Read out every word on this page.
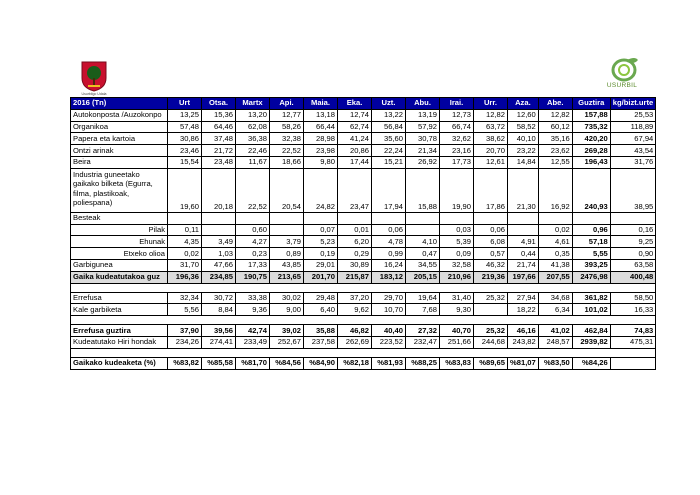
Usurbilgo Udala
USURBIL
2016 (Tn)	Urt	Otsa.	Martx	Api.	Maia.	Eka.	Uzt.	Abu.	Irai.	Urr.	Aza.	Abe.	Guztira	kg/bizt.urte
Autokonposta /Auzokonpo	13,25	15,36	13,20	12,77	13,18	12,74	13,22	13,19	12,73	12,82	12,60	12,82	157,88	25,53
Organikoa	57,48	64,46	62,08	58,26	66,44	62,74	56,84	57,92	66,74	63,72	58,52	60,12	735,32	118,89
Papera eta kartoia	30,86	37,48	36,38	32,38	28,98	41,24	35,60	30,78	32,62	38,62	40,10	35,16	420,20	67,94
Ontzi arinak	23,46	21,72	22,46	22,52	23,98	20,86	22,24	21,34	23,16	20,70	23,22	23,62	269,28	43,54
Beira	15,54	23,48	11,67	18,66	9,80	17,44	15,21	26,92	17,73	12,61	14,84	12,55	196,43	31,76
Industria guneetako gaikako bilketa (Egurra, filma, plastikoak, poliespana)	19,60	20,18	22,52	20,54	24,82	23,47	17,94	15,88	19,90	17,86	21,30	16,92	240,93	38,95
Besteak														
Pilak	0,11		0,60		0,07	0,01	0,06		0,03	0,06		0,02	0,96	0,16
Ehunak	4,35	3,49	4,27	3,79	5,23	6,20	4,78	4,10	5,39	6,08	4,91	4,61	57,18	9,25
Etxeko olioa	0,02	1,03	0,23	0,89	0,19	0,29	0,99	0,47	0,09	0,57	0,44	0,35	5,55	0,90
Garbigunea	31,70	47,66	17,33	43,85	29,01	30,89	16,24	34,55	32,58	46,32	21,74	41,38	393,25	63,58
Gaika kudeatutakoa guz	196,36	234,85	190,75	213,65	201,70	215,87	183,12	205,15	210,96	219,36	197,66	207,55	2476,98	400,48

Errefusa	32,34	30,72	33,38	30,02	29,48	37,20	29,70	19,64	31,40	25,32	27,94	34,68	361,82	58,50
Kale garbiketa	5,56	8,84	9,36	9,00	6,40	9,62	10,70	7,68	9,30		18,22	6,34	101,02	16,33

Errefusa guztira	37,90	39,56	42,74	39,02	35,88	46,82	40,40	27,32	40,70	25,32	46,16	41,02	462,84	74,83
Kudeatutako Hiri hondak	234,26	274,41	233,49	252,67	237,58	262,69	223,52	232,47	251,66	244,68	243,82	248,57	2939,82	475,31

Gaikako kudeaketa (%)	%83,82	%85,58	%81,70	%84,56	%84,90	%82,18	%81,93	%88,25	%83,83	%89,65	%81,07	%83,50	%84,26	
